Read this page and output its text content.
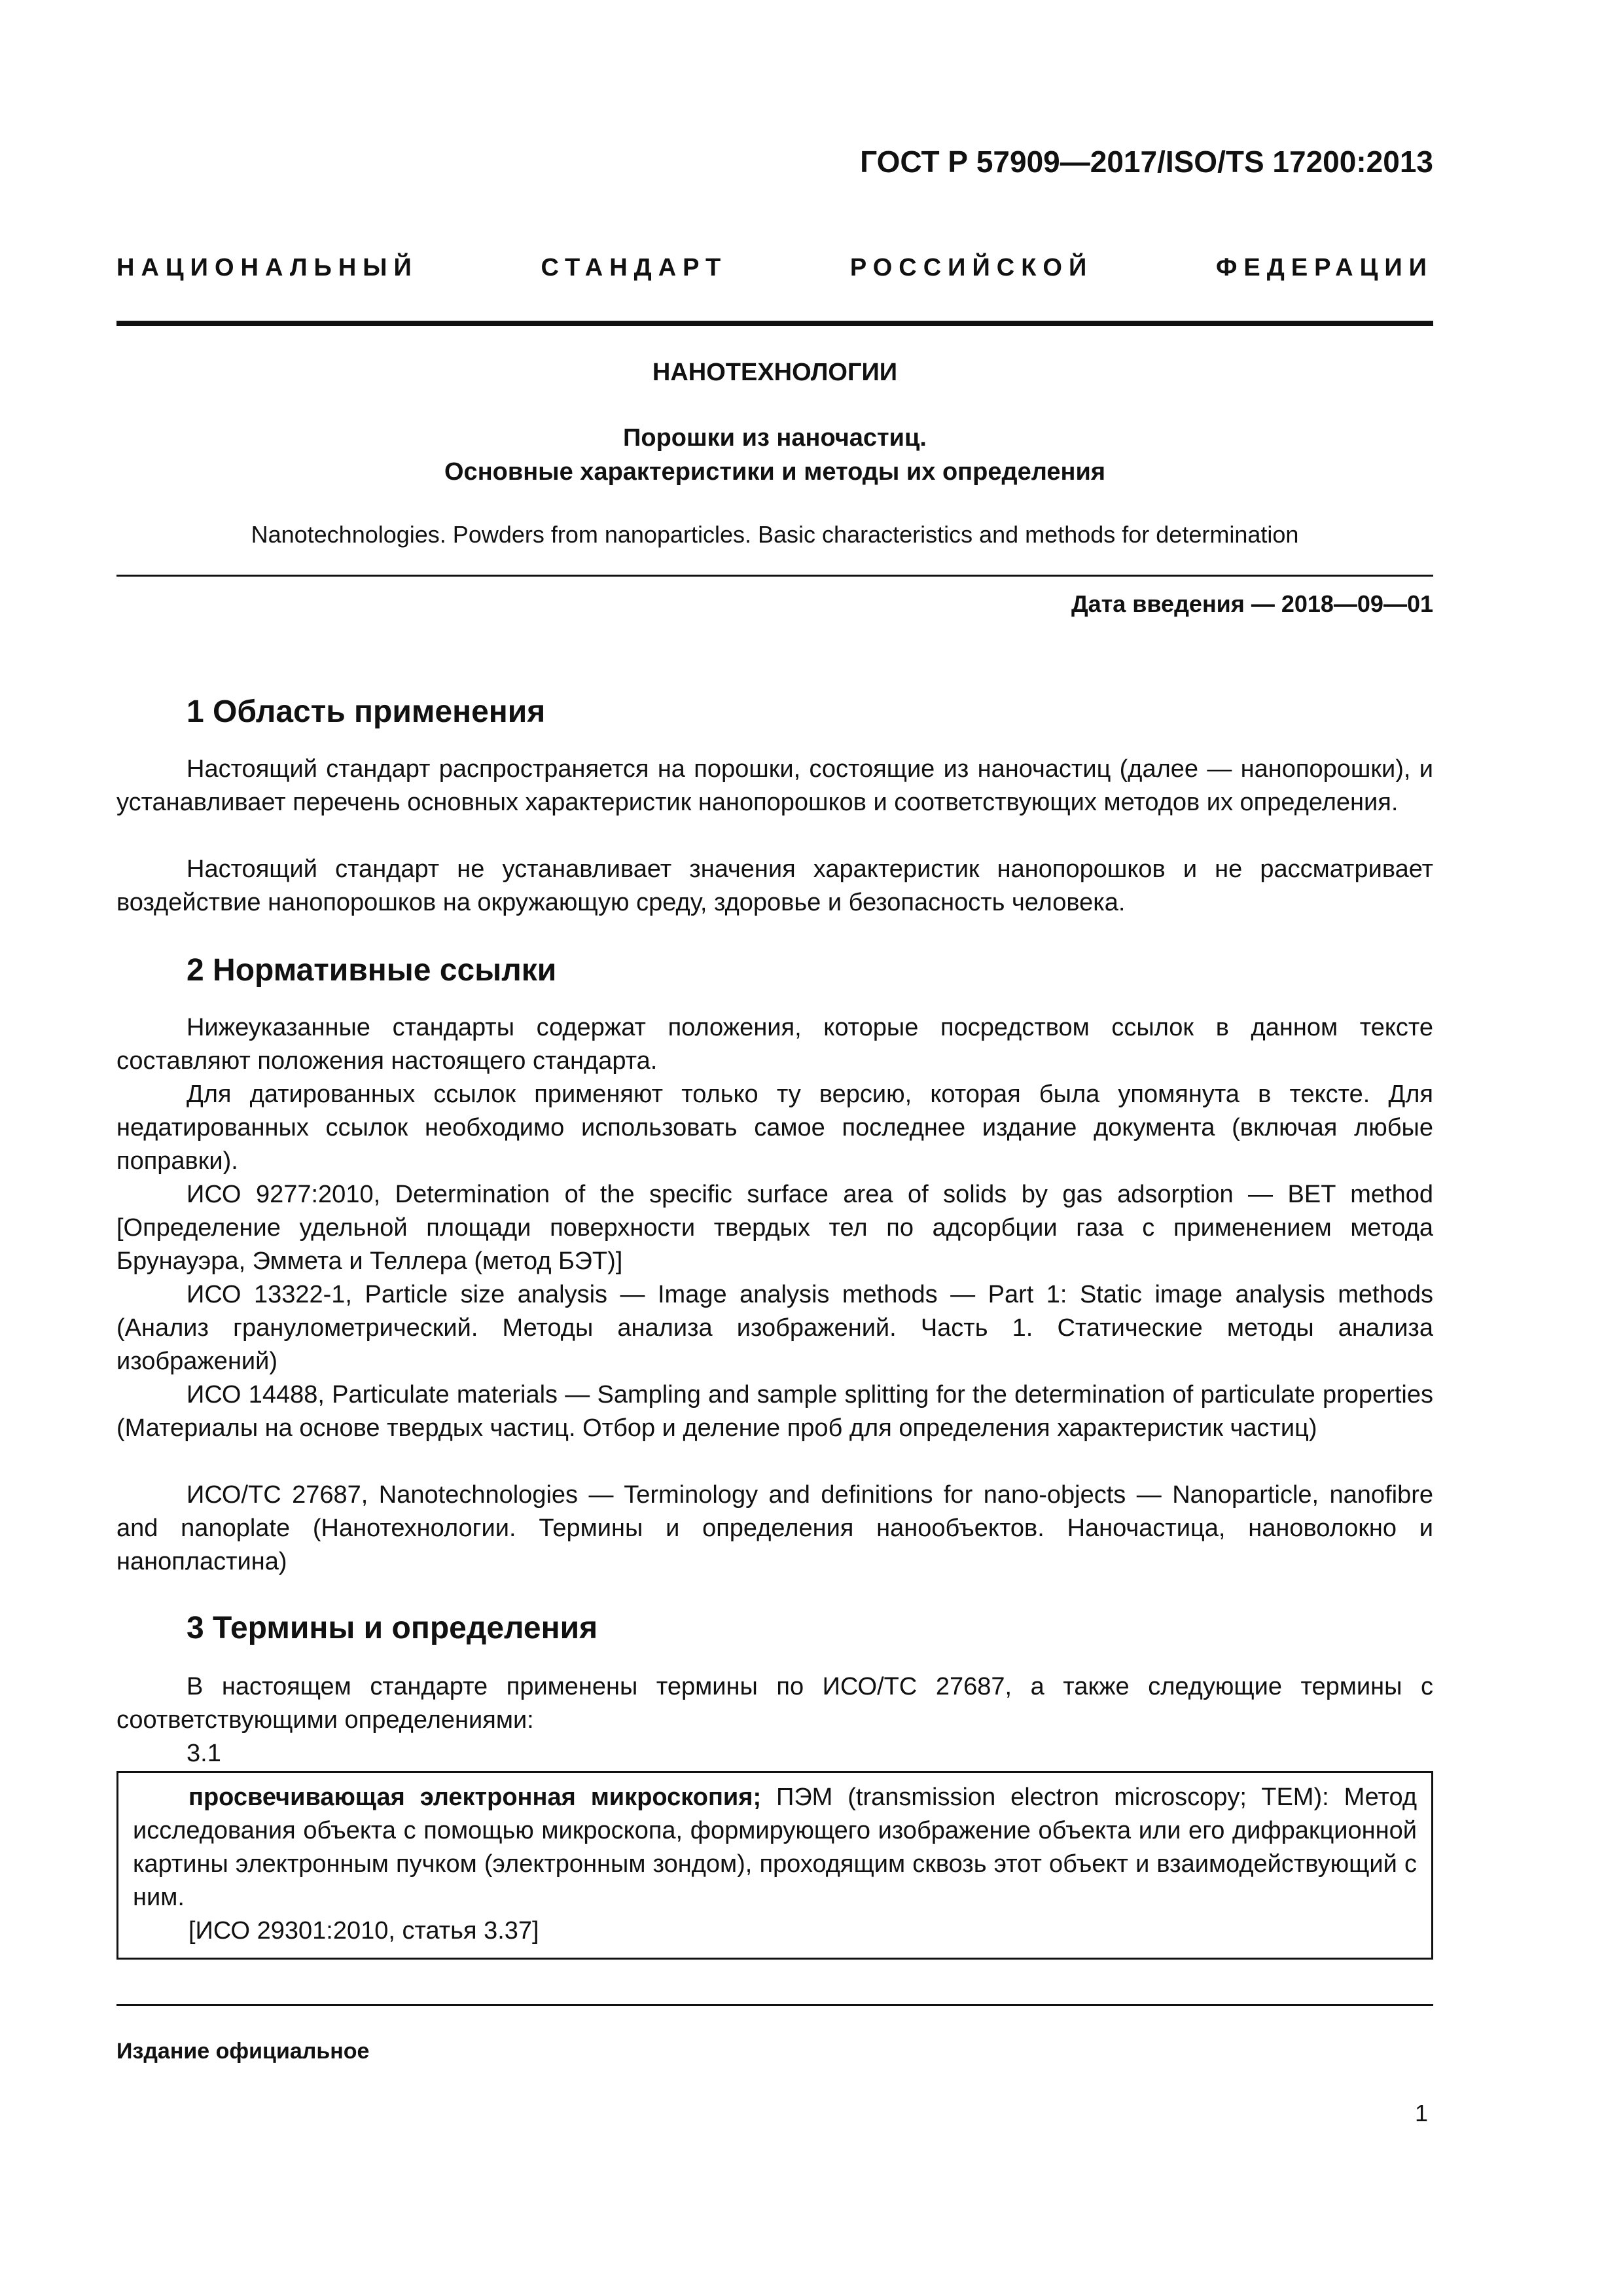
ГОСТ Р 57909—2017/ISO/TS 17200:2013
НАЦИОНАЛЬНЫЙ СТАНДАРТ РОССИЙСКОЙ ФЕДЕРАЦИИ
НАНОТЕХНОЛОГИИ
Порошки из наночастиц.
Основные характеристики и методы их определения
Nanotechnologies. Powders from nanoparticles. Basic characteristics and methods for determination
Дата введения — 2018—09—01
1 Область применения

Настоящий стандарт распространяется на порошки, состоящие из наночастиц (далее — нанопорошки), и устанавливает перечень основных характеристик нанопорошков и соответствующих методов их определения.

Настоящий стандарт не устанавливает значения характеристик нанопорошков и не рассматривает воздействие нанопорошков на окружающую среду, здоровье и безопасность человека.

2 Нормативные ссылки

Нижеуказанные стандарты содержат положения, которые посредством ссылок в данном тексте составляют положения настоящего стандарта.

Для датированных ссылок применяют только ту версию, которая была упомянута в тексте. Для недатированных ссылок необходимо использовать самое последнее издание документа (включая любые поправки).

ИСО 9277:2010, Determination of the specific surface area of solids by gas adsorption — BET method [Определение удельной площади поверхности твердых тел по адсорбции газа с применением метода Брунауэра, Эммета и Теллера (метод БЭТ)]

ИСО 13322-1, Particle size analysis — Image analysis methods — Part 1: Static image analysis methods (Анализ гранулометрический. Методы анализа изображений. Часть 1. Статические методы анализа изображений)

ИСО 14488, Particulate materials — Sampling and sample splitting for the determination of particulate properties (Материалы на основе твердых частиц. Отбор и деление проб для определения характеристик частиц)

ИСО/ТС 27687, Nanotechnologies — Terminology and definitions for nano-objects — Nanoparticle, nanofibre and nanoplate (Нанотехнологии. Термины и определения нанообъектов. Наночастица, нановолокно и нанопластина)

3 Термины и определения

В настоящем стандарте применены термины по ИСО/ТС 27687, а также следующие термины с соответствующими определениями:

3.1

просвечивающая электронная микроскопия; ПЭМ (transmission electron microscopy; TEM): Метод исследования объекта с помощью микроскопа, формирующего изображение объекта или его дифракционной картины электронным пучком (электронным зондом), проходящим сквозь этот объект и взаимодействующий с ним.

[ИСО 29301:2010, статья 3.37]

Издание официальное
1
